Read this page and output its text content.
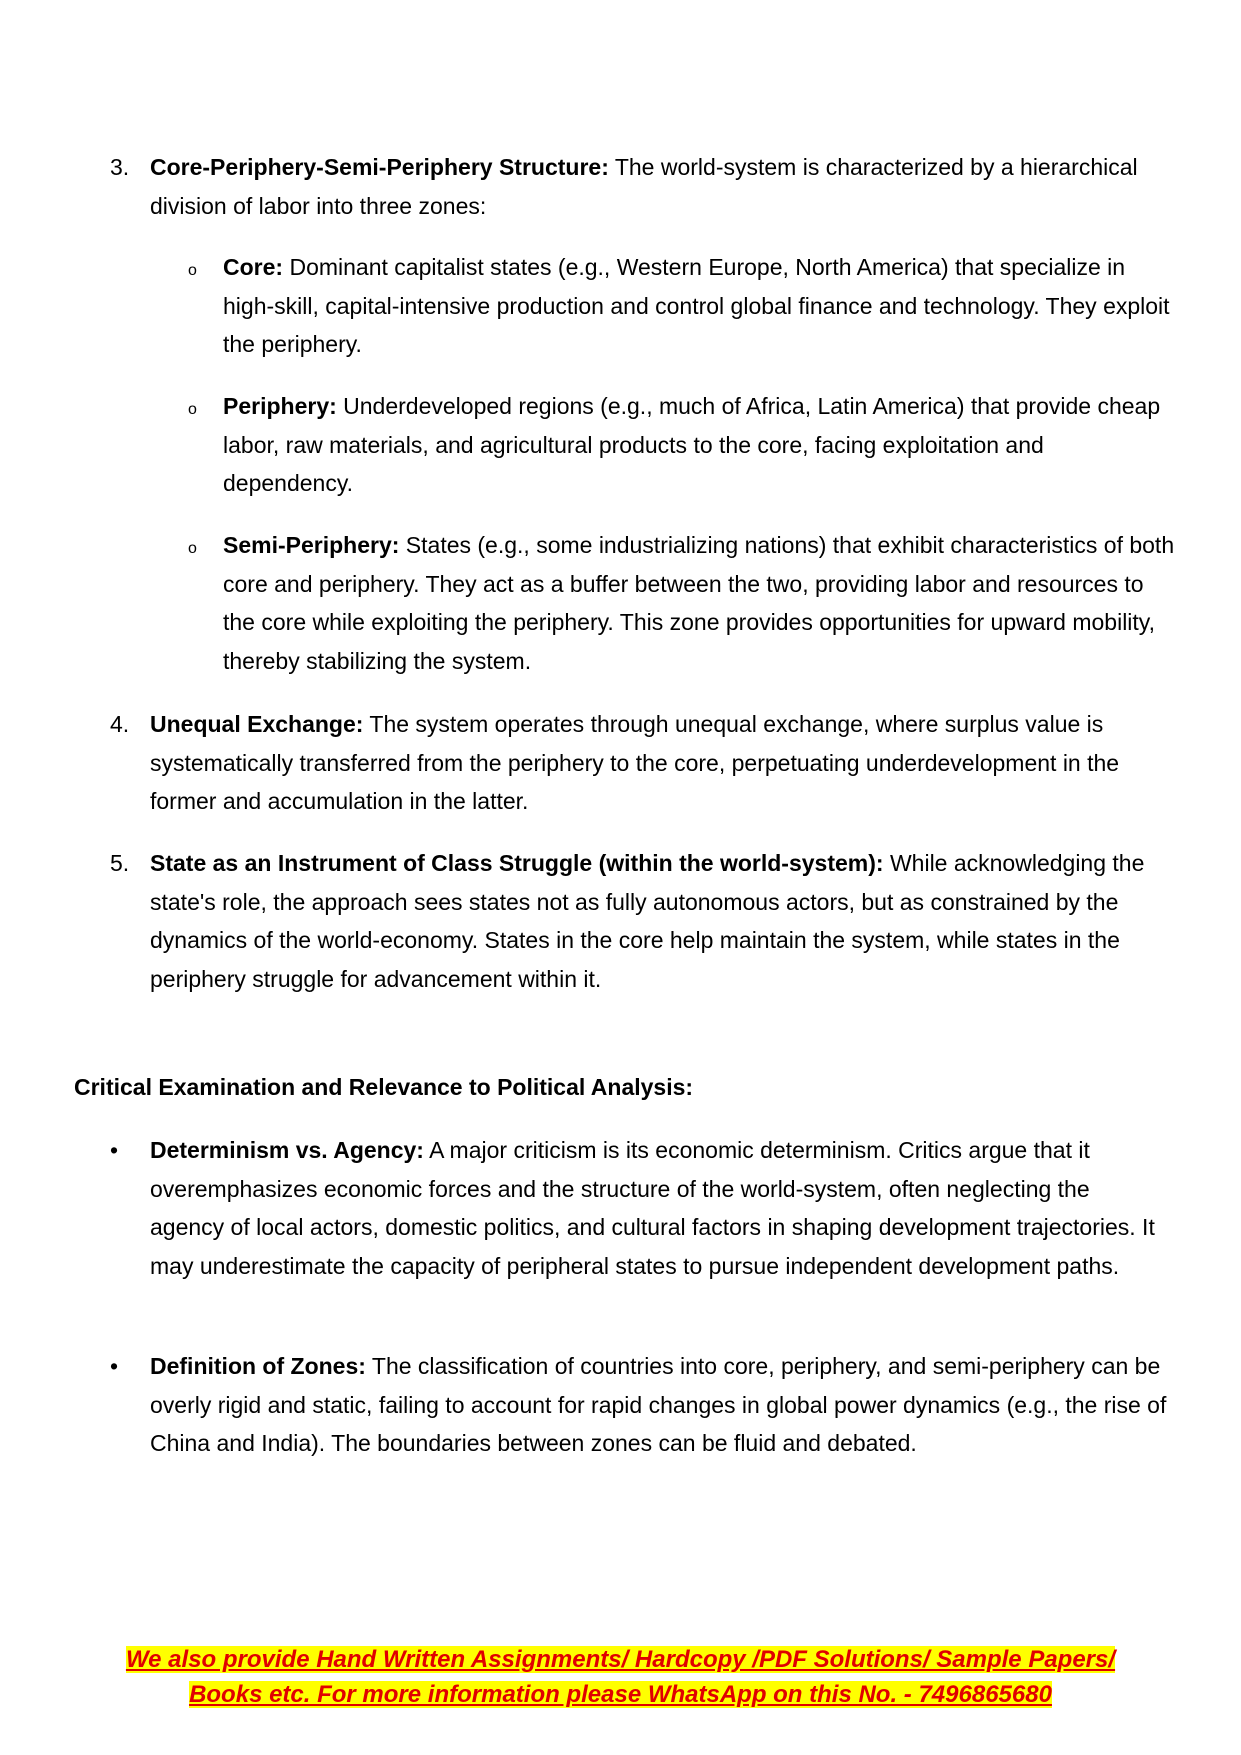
3. Core-Periphery-Semi-Periphery Structure: The world-system is characterized by a hierarchical division of labor into three zones:
o	Core: Dominant capitalist states (e.g., Western Europe, North America) that specialize in high-skill, capital-intensive production and control global finance and technology. They exploit the periphery.
o	Periphery: Underdeveloped regions (e.g., much of Africa, Latin America) that provide cheap labor, raw materials, and agricultural products to the core, facing exploitation and dependency.
o	Semi-Periphery: States (e.g., some industrializing nations) that exhibit characteristics of both core and periphery. They act as a buffer between the two, providing labor and resources to the core while exploiting the periphery. This zone provides opportunities for upward mobility, thereby stabilizing the system.
4. Unequal Exchange: The system operates through unequal exchange, where surplus value is systematically transferred from the periphery to the core, perpetuating underdevelopment in the former and accumulation in the latter.
5. State as an Instrument of Class Struggle (within the world-system): While acknowledging the state's role, the approach sees states not as fully autonomous actors, but as constrained by the dynamics of the world-economy. States in the core help maintain the system, while states in the periphery struggle for advancement within it.
Critical Examination and Relevance to Political Analysis:
•	Determinism vs. Agency: A major criticism is its economic determinism. Critics argue that it overemphasizes economic forces and the structure of the world-system, often neglecting the agency of local actors, domestic politics, and cultural factors in shaping development trajectories. It may underestimate the capacity of peripheral states to pursue independent development paths.
•	Definition of Zones: The classification of countries into core, periphery, and semi-periphery can be overly rigid and static, failing to account for rapid changes in global power dynamics (e.g., the rise of China and India). The boundaries between zones can be fluid and debated.
We also provide Hand Written Assignments/ Hardcopy /PDF Solutions/ Sample Papers/
Books etc. For more information please WhatsApp on this No. - 7496865680
